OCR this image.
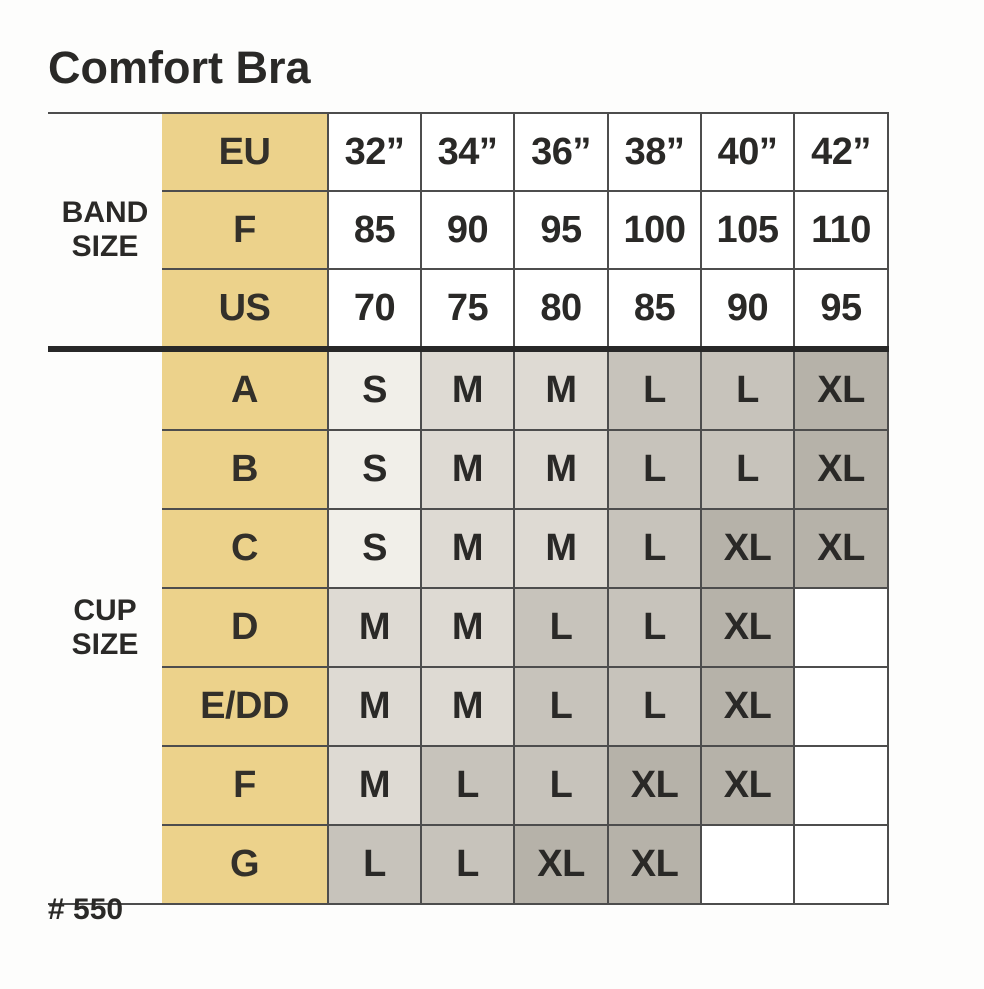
Comfort Bra
BAND SIZE	EU	32”	34”	36”	38”	40”	42”
	F	85	90	95	100	105	110
	US	70	75	80	85	90	95
CUP SIZE	A	S	M	M	L	L	XL
	B	S	M	M	L	L	XL
	C	S	M	M	L	XL	XL
	D	M	M	L	L	XL	
	E/DD	M	M	L	L	XL	
	F	M	L	L	XL	XL	
	G	L	L	XL	XL		
# 550
